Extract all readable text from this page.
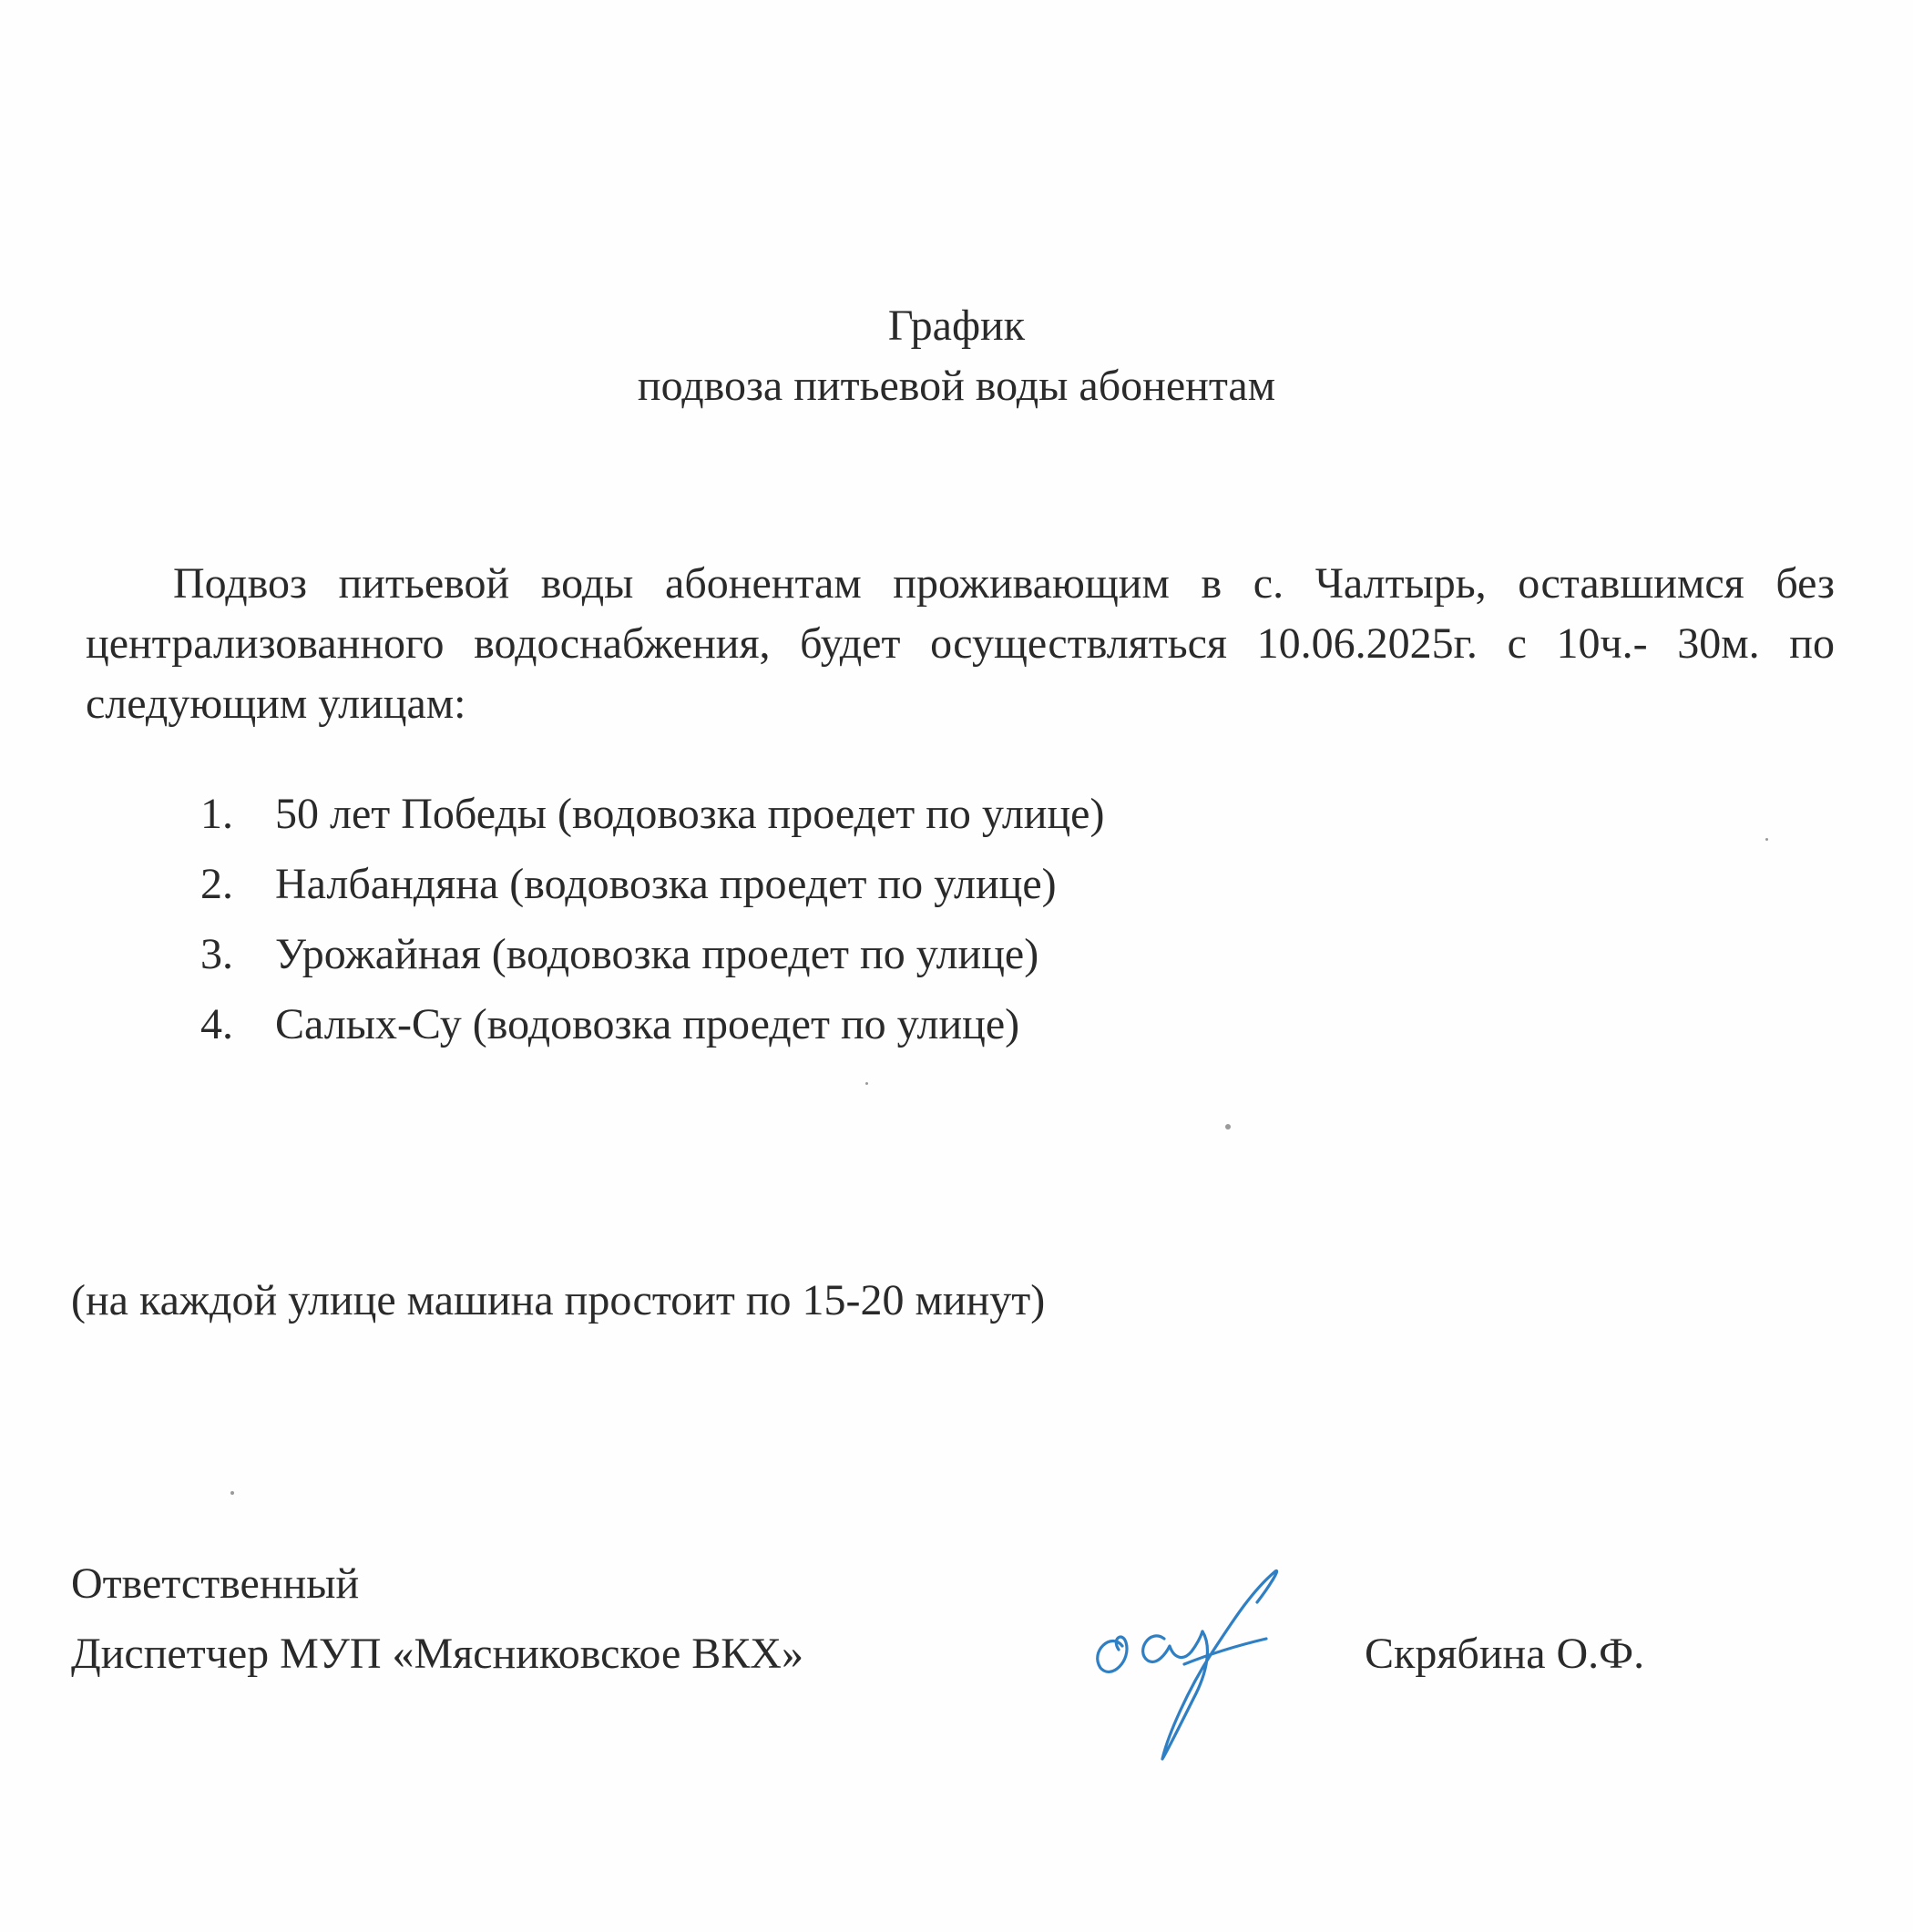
График
подвоза питьевой воды абонентам
Подвоз питьевой воды абонентам проживающим в с. Чалтырь, оставшимся без централизованного водоснабжения, будет осуществляться 10.06.2025г. с 10ч.- 30м. по следующим улицам:
1. 50 лет Победы (водовозка проедет по улице)
2. Налбандяна (водовозка проедет по улице)
3. Урожайная (водовозка проедет по улице)
4. Салых-Су (водовозка проедет по улице)
(на каждой улице машина простоит по 15-20 минут)
Ответственный
Диспетчер МУП «Мясниковское ВКХ»	Скрябина О.Ф.
